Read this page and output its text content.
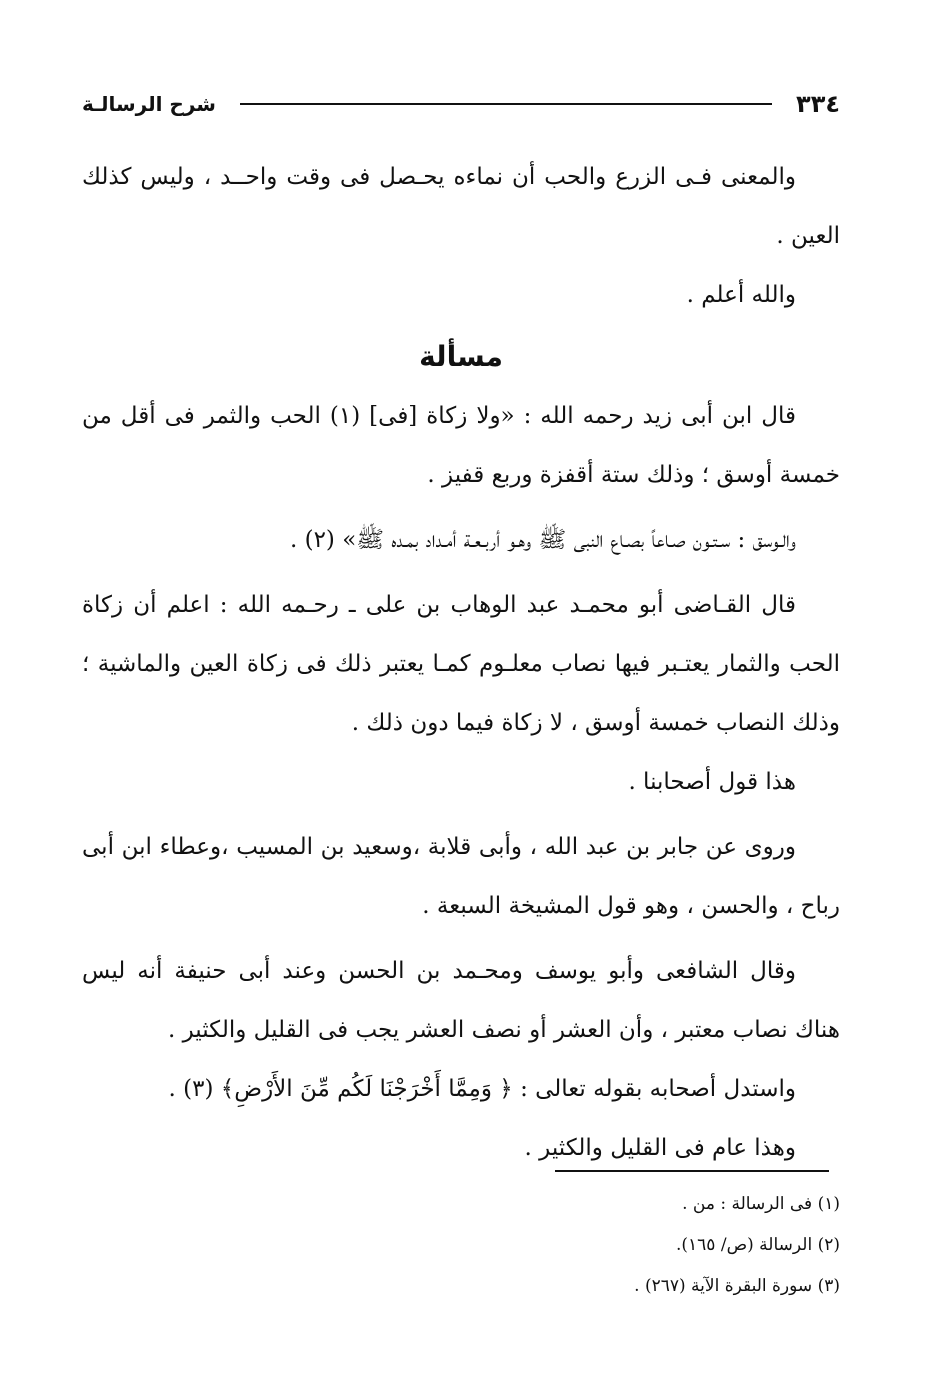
٣٣٤
شرح الرسالـة

والمعنى فـى الزرع والحب أن نماءه يحـصل فى وقت واحــد ، وليس كذلك العين .

والله أعلم .

مسألة

قال ابن أبى زيد رحمه الله : «ولا زكاة [فى] (١) الحب والثمر فى أقل من خمسة أوسق ؛ وذلك ستة أقفزة وربع قفيز .

والـوسق : سـتـون صـاعاً بصـاع النبى ﷺ وهـو أربـعـة أمـداد بمـده ﷺ» (٢) .

قال القـاضى أبو محمـد عبد الوهاب بن على ـ رحـمه الله : اعلم أن زكاة الحب والثمار يعتـبر فيها نصاب معلـوم كمـا يعتبر ذلك فى زكاة العين والماشية ؛ وذلك النصاب خمسة أوسق ، لا زكاة فيما دون ذلك .

هذا قول أصحابنا .

وروى عن جابر بن عبد الله ، وأبى قلابة ،وسعيد بن المسيب ،وعطاء ابن أبى رباح ، والحسن ، وهو قول المشيخة السبعة .

وقال الشافعى وأبو يوسف ومحـمد بن الحسن وعند أبى حنيفة أنه ليس هناك نصاب معتبر ، وأن العشر أو نصف العشر يجب فى القليل والكثير .

واستدل أصحابه بقوله تعالى : ﴿ وَمِمَّا أَخْرَجْنَا لَكُم مِّنَ الأَرْضِ﴾ (٣) .

وهذا عام فى القليل والكثير .

(١) فى الرسالة : من .
(٢) الرسالة (ص/ ١٦٥).
(٣) سورة البقرة الآية (٢٦٧) .
